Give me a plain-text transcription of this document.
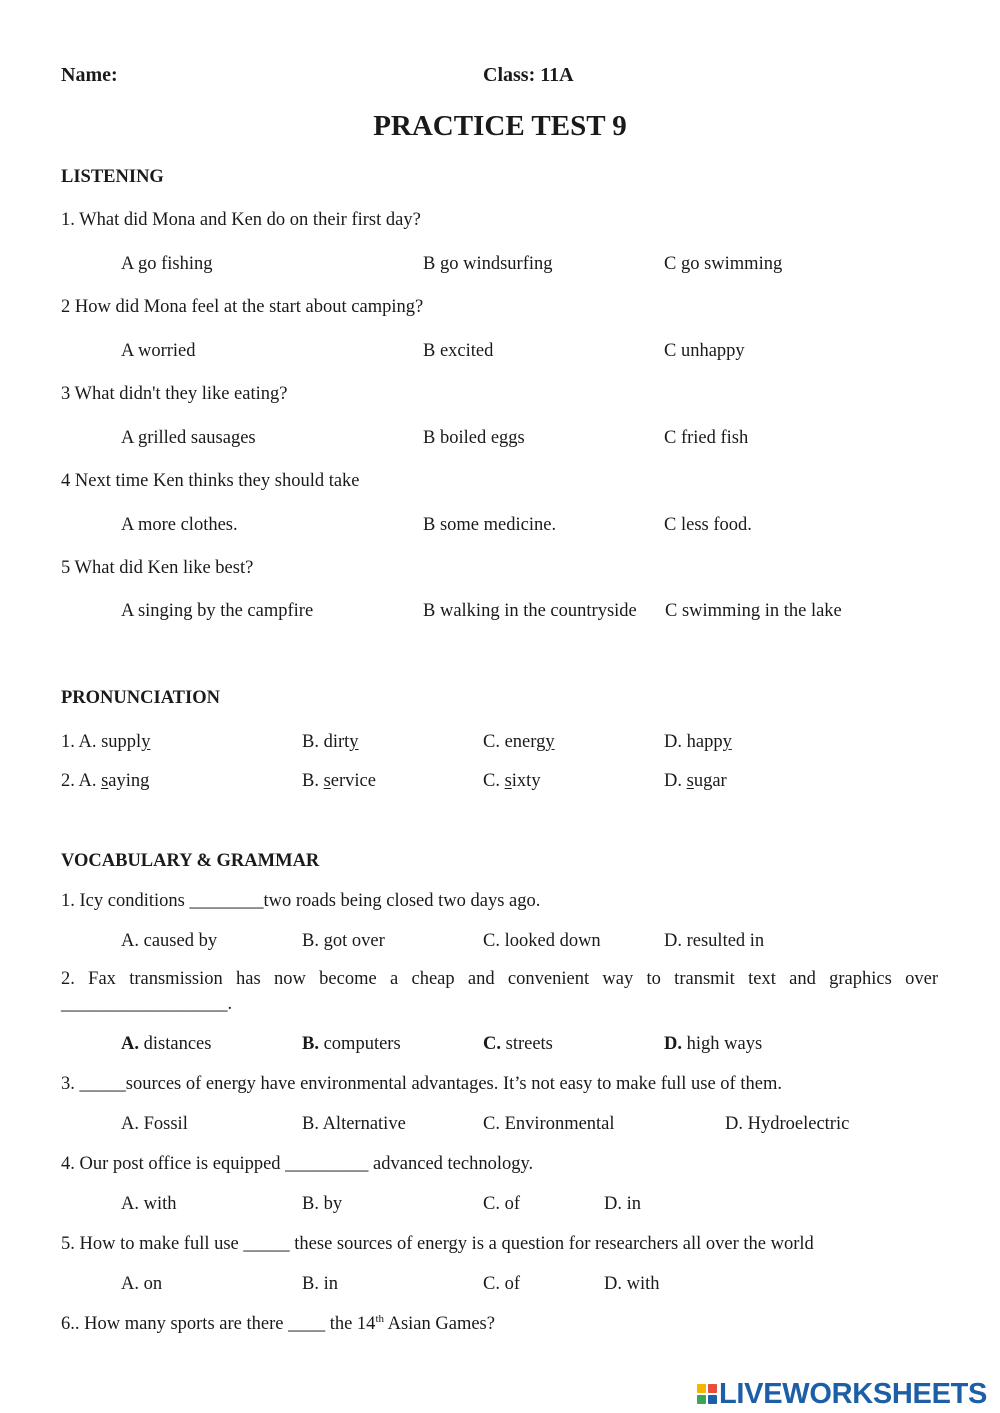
Name:	Class: 11A
PRACTICE TEST 9
LISTENING
1. What did Mona and Ken do on their first day?
A go fishing	B go windsurfing	C go swimming
2 How did Mona feel at the start about camping?
A worried	B excited	C unhappy
3 What didn't they like eating?
A grilled sausages	B boiled eggs	C fried fish
4 Next time Ken thinks they should take
A more clothes.	B some medicine.	C less food.
5 What did Ken like best?
A singing by the campfire	B walking in the countryside C swimming in the lake
PRONUNCIATION
1. A. supply	B. dirty	C. energy	D. happy
2. A. saying	B. service	C. sixty	D. sugar
VOCABULARY & GRAMMAR
1. Icy conditions ________two roads being closed two days ago.
A. caused by	B. got over	C. looked down	D. resulted in
2. Fax transmission has now become a cheap and convenient way to transmit text and graphics over
__________________.
A. distances	B. computers	C. streets	D. high ways
3. _____sources of energy have environmental advantages. It’s not easy to make full use of them.
A. Fossil	B. Alternative	C. Environmental	D. Hydroelectric
4. Our post office is equipped _________ advanced technology.
A. with	B. by	C. of	D. in
5. How to make full use _____ these sources of energy is a question for researchers all over the world
A. on	B. in	C. of	D. with
6.. How many sports are there ____ the 14th Asian Games?
LIVEWORKSHEETS
